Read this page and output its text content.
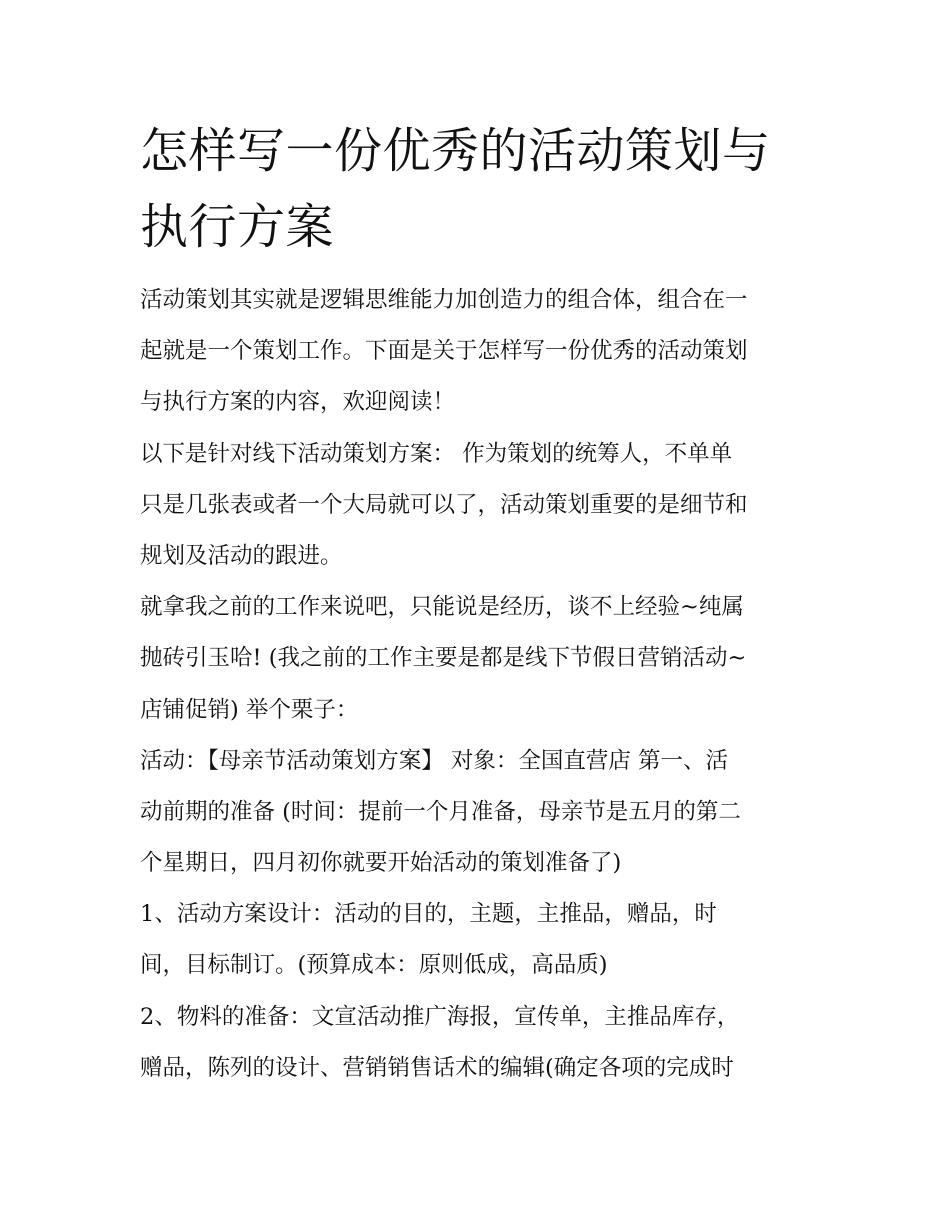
怎样写一份优秀的活动策划与
执行方案
活动策划其实就是逻辑思维能力加创造力的组合体，组合在一
起就是一个策划工作。下面是关于怎样写一份优秀的活动策划
与执行方案的内容，欢迎阅读！
以下是针对线下活动策划方案： 作为策划的统筹人，不单单
只是几张表或者一个大局就可以了，活动策划重要的是细节和
规划及活动的跟进。
就拿我之前的工作来说吧，只能说是经历，谈不上经验~纯属
抛砖引玉哈! (我之前的工作主要是都是线下节假日营销活动~
店铺促销) 举个栗子：
活动：【母亲节活动策划方案】 对象：全国直营店 第一、活
动前期的准备 (时间：提前一个月准备，母亲节是五月的第二
个星期日，四月初你就要开始活动的策划准备了)
1、活动方案设计：活动的目的，主题，主推品，赠品，时
间，目标制订。(预算成本：原则低成，高品质)
2、物料的准备：文宣活动推广海报，宣传单，主推品库存，
赠品，陈列的设计、营销销售话术的编辑(确定各项的完成时
